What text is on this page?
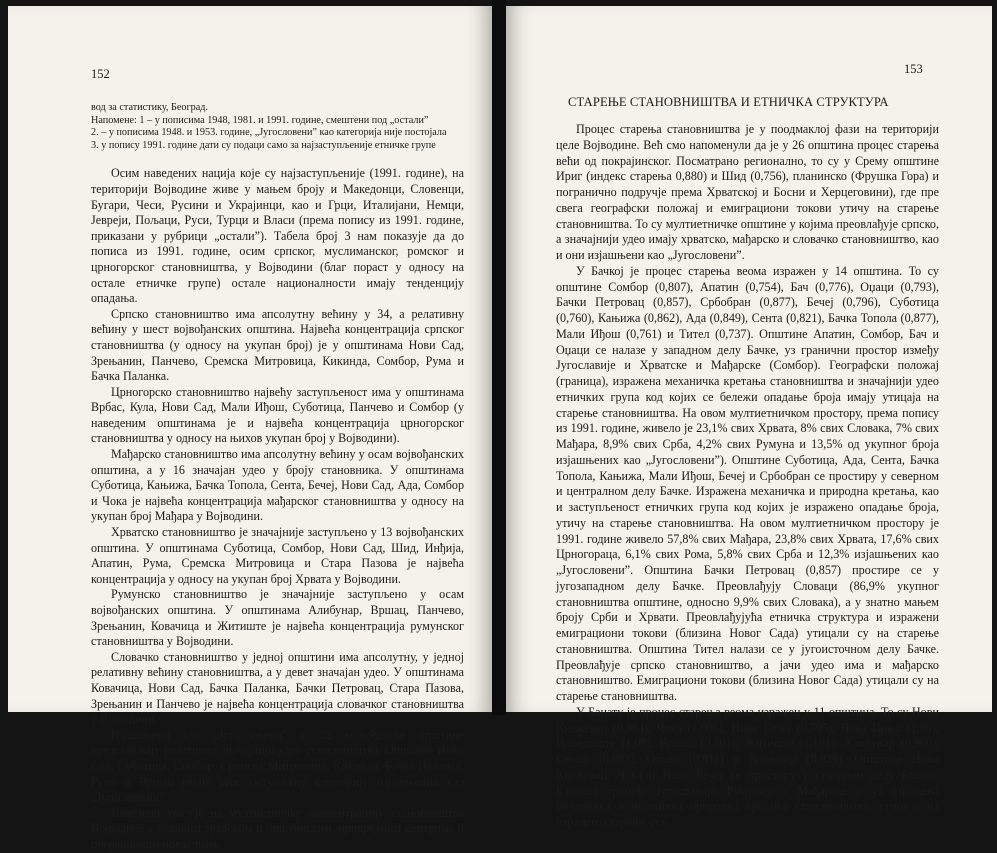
152

вод за статистику, Београд.

Напомене: 1 – у пописима 1948, 1981. и 1991. године, смештени под „остали”

2. – у пописима 1948. и 1953. године, „Југословени” као категорија није постојала

3. у попису 1991. године дати су подаци само за најзаступљеније етничке групе

Осим наведених нација које су најзаступљеније (1991. године), на територији Војводине живе у мањем броју и Македонци, Словенци, Бугари, Чеси, Русини и Украјинци, као и Грци, Италијани, Немци, Јевреји, Пољаци, Руси, Турци и Власи (према попису из 1991. године, приказани у рубрици „остали”). Табела број 3 нам показује да до пописа из 1991. године, осим српског, муслиманског, ромског и црногорског становништва, у Војводини (благ пораст у односу на остале етничке групе) остале националности имају тенденцију опадања.

Српско становништво има апсолутну већину у 34, а релативну већину у шест војвођанских општина. Највећа концентрација српског становништва (у односу на укупан број) је у општинама Нови Сад, Зрењанин, Панчево, Сремска Митровица, Кикинда, Сомбор, Рума и Бачка Паланка.

Црногорско становништво највећу заступљеност има у општинама Врбас, Кула, Нови Сад, Мали Иђош, Суботица, Панчево и Сомбор (у наведеним општинама је и највећа концентрација црногорског становништва у односу на њихов укупан број у Војводини).

Мађарско становништво има апсолутну већину у осам војвођанских општина, а у 16 значајан удео у броју становника. У општинама Суботица, Кањижа, Бачка Топола, Сента, Бечеј, Нови Сад, Ада, Сомбор и Чока је највећа концентрација мађарског становништва у односу на укупан број Мађара у Војводини.

Хрватско становништво је значајније заступљено у 13 војвођанских општина. У општинама Суботица, Сомбор, Нови Сад, Шид, Инђија, Апатин, Рума, Сремска Митровица и Стара Пазова је највећа концентрација у односу на укупан број Хрвата у Војводини.

Румунско становништво је значајније заступљено у осам војвођанских општина. У општинама Алибунар, Вршац, Панчево, Зрењанин, Ковачица и Житиште је највећа концентрација румунског становништва у Војводини.

Словачко становништво у једној општини има апсолутну, у једној релативну већину становништва, а у девет значајан удео. У општинама Ковачица, Нови Сад, Бачка Паланка, Бачки Петровац, Стара Пазова, Зрењанин и Панчево је највећа концентрација словачког становништва у Војводини.

Изјашњени као „Југословени” у 32 војвођанске општине представљају релативно значајнији удео становништва. Општине Нови Сад, Суботица, Сомбор, Сремска Митровица, Кикинда, Бачка Паланка, Рума и Вршац имају јаче заступљену категорију изјашњених као „Југословени”.

Наведено указује на мултиетничку концентрацију становништва Војводине у великим градским и општинским, привредним центрима и пограничним пределима.

153
СТАРЕЊЕ СТАНОВНИШТВА И ЕТНИЧКА СТРУКТУРА

Процес старења становништва је у поодмаклој фази на територији целе Војводине. Већ смо напоменули да је у 26 општина процес старења већи од покрајинског. Посматрано регионално, то су у Срему општине Ириг (индекс старења 0,880) и Шид (0,756), планинско (Фрушка Гора) и погранично подручје према Хрватској и Босни и Херцеговини), где пре свега географски положај и емиграциони токови утичу на старење становништва. То су мултиетничке општине у којима преовлађује српско, а значајнији удео имају хрватско, мађарско и словачко становништво, као и они изјашњени као „Југословени”.

У Бачкој је процес старења веома изражен у 14 општина. То су општине Сомбор (0,807), Апатин (0,754), Бач (0,776), Оџаци (0,793), Бачки Петровац (0,857), Србобран (0,877), Бечеј (0,796), Суботица (0,760), Кањижа (0,862), Ада (0,849), Сента (0,821), Бачка Топола (0,877), Мали Иђош (0,761) и Тител (0,737). Општине Апатин, Сомбор, Бач и Оџаци се налазе у западном делу Бачке, уз гранични простор између Југославије и Хрватске и Мађарске (Сомбор). Географски положај (граница), изражена механичка кретања становништва и значајнији удео етничких група код којих се бележи опадање броја имају утицаја на старење становништва. На овом мултиетничком простору, према попису из 1991. године, живело је 23,1% свих Хрвата, 8% свих Словака, 7% свих Мађара, 8,9% свих Срба, 4,2% свих Румуна и 13,5% од укупног броја изјашњених као „Југословени”). Општине Суботица, Ада, Сента, Бачка Топола, Кањижа, Мали Иђош, Бечеј и Србобран се простиру у северном и централном делу Бачке. Изражена механичка и природна кретања, као и заступљеност етничких група код којих је изражено опадање броја, утичу на старење становништва. На овом мултиетничком простору је 1991. године живело 57,8% свих Мађара, 23,8% свих Хрвата, 17,6% свих Црногораца, 6,1% свих Рома, 5,8% свих Срба и 12,3% изјашњених као „Југословени”. Општина Бачки Петровац (0,857) простире се у југозападном делу Бачке. Преовлађују Словаци (86,9% укупног становништва општине, односно 9,9% свих Словака), а у знатно мањем броју Срби и Хрвати. Преовлађујућа етничка структура и изражени емиграциони токови (близина Новог Сада) утицали су на старење становништва. Општина Тител налази се у југоисточном делу Бачке. Преовлађује српско становништво, а јачи удео има и мађарско становништво. Емиграциони токови (близина Новог Сада) утицали су на старење становништва.

У Банату је процес старења веома изражен у 11 општина. То су Нови Кнежевац (0,984), Чока (1,006), Нови Бечеј (0,795), Нова Црња (1,09), Пландиште (1,08), Вршац (0,801), Житиште (1,161), Алибунар (0,960), Сечањ (0,983), Опово (0,811) и Ковачица (0,829). Општине Нови Кнежевац, Чока и Нови Бечеј се простиру у северном делу Баната. Близина тромеђе Југославије, Румуније и Мађарске је уз изражена механичка и негативна природна кретања становништва, утицала на изразито старење ста-
